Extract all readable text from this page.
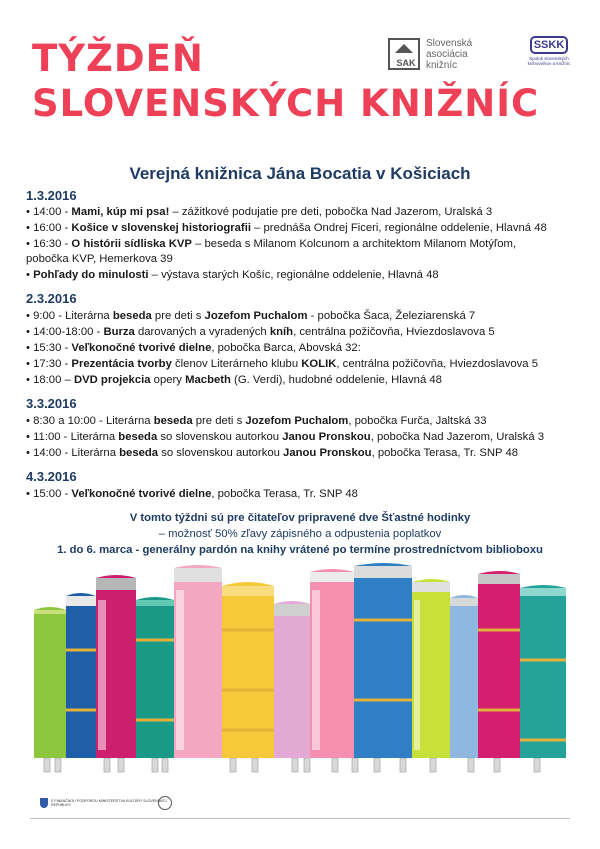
TÝŽDEŇ
SLOVENSKÝCH KNIŽNÍC
SAK
Slovenská
asociácia
knižníc
SSKK
Spolok slovenských
knihovníkov a knižníc
Verejná knižnica Jána Bocatia v Košiciach
1.3.2016
• 14:00 - Mami, kúp mi psa! – zážitkové podujatie pre deti, pobočka Nad Jazerom, Uralská 3
• 16:00 - Košice v slovenskej historiografii – prednáša Ondrej Ficeri, regionálne oddelenie, Hlavná 48
• 16:30 - O histórii sídliska KVP – beseda s Milanom Kolcunom a architektom Milanom Motýľom,
pobočka KVP, Hemerkova 39
• Pohľady do minulosti – výstava starých Košíc, regionálne oddelenie, Hlavná 48
2.3.2016
• 9:00 - Literárna beseda pre deti s Jozefom Puchalom - pobočka Šaca, Železiarenská 7
• 14:00-18:00 - Burza darovaných a vyradených kníh, centrálna požičovňa, Hviezdoslavova 5
• 15:30 - Veľkonočné tvorivé dielne, pobočka Barca, Abovská 32:
• 17:30 - Prezentácia tvorby členov Literárneho klubu KOLIK, centrálna požičovňa, Hviezdoslavova 5
• 18:00 – DVD projekcia opery Macbeth (G. Verdi), hudobné oddelenie, Hlavná 48
3.3.2016
• 8:30 a 10:00 - Literárna beseda pre deti s Jozefom Puchalom, pobočka Furča, Jaltská 33
• 11:00 - Literárna beseda so slovenskou autorkou Janou Pronskou, pobočka Nad Jazerom, Uralská 3
• 14:00 - Literárna beseda so slovenskou autorkou Janou Pronskou, pobočka Terasa, Tr. SNP 48
4.3.2016
• 15:00 - Veľkonočné tvorivé dielne, pobočka Terasa, Tr. SNP 48
V tomto týždni sú pre čitateľov pripravené dve Šťastné hodinky
– možnosť 50% zľavy zápisného a odpustenia poplatkov
1. do 6. marca - generálny pardón na knihy vrátené po termíne prostredníctvom biblioboxu
S FINANČNOU PODPOROU MINISTERSTVA KULTÚRY SLOVENSKEJ REPUBLIKY
